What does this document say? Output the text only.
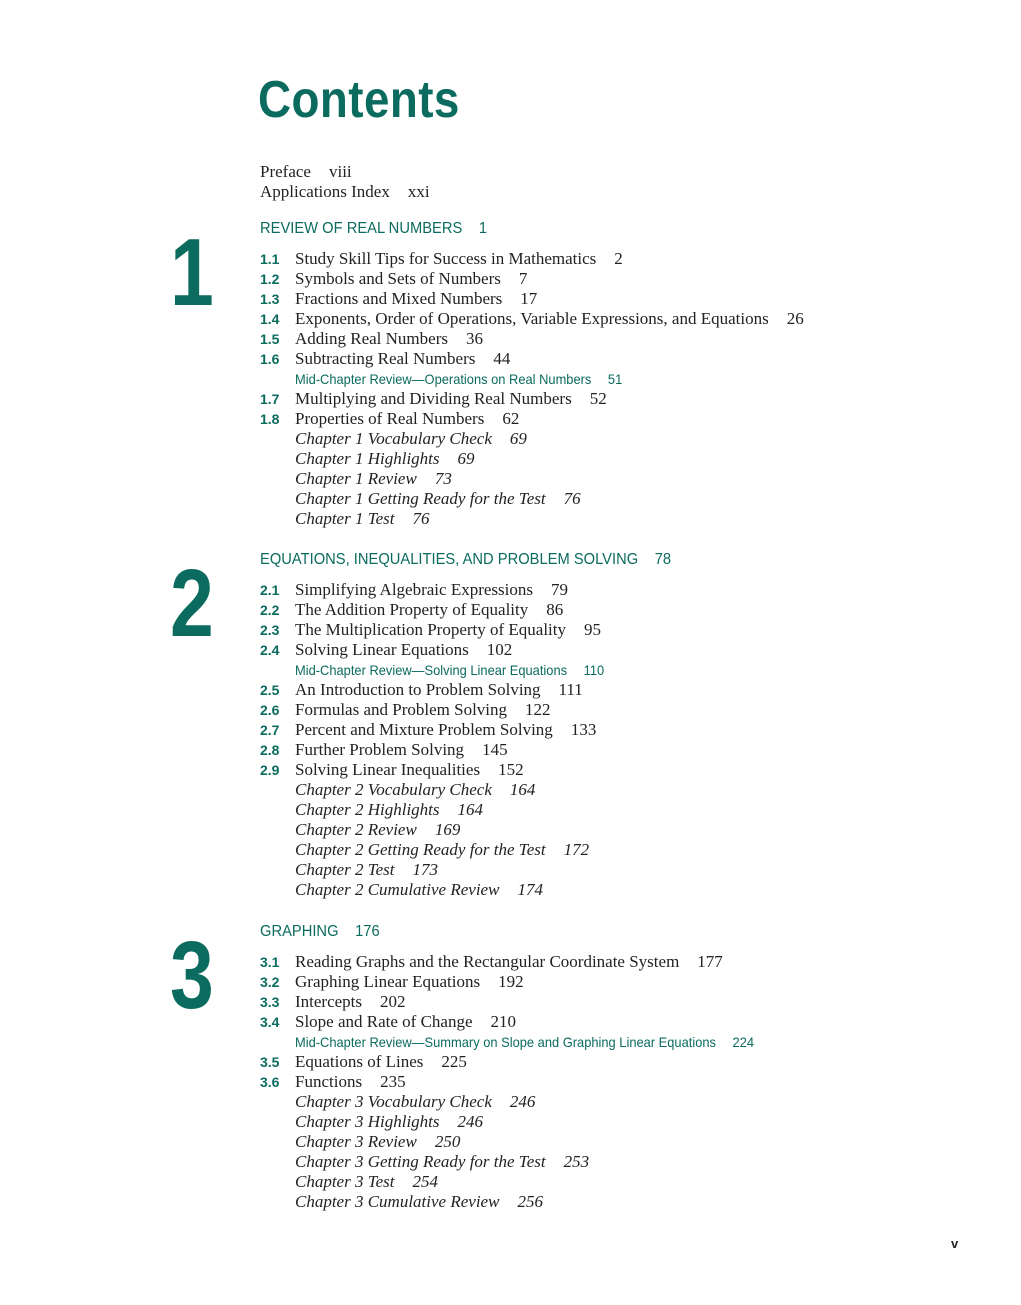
Contents
Preface viii
Applications Index xxi
1	REVIEW OF REAL NUMBERS 1
1.1 Study Skill Tips for Success in Mathematics 2
1.2 Symbols and Sets of Numbers 7
1.3 Fractions and Mixed Numbers 17
1.4 Exponents, Order of Operations, Variable Expressions, and Equations 26
1.5 Adding Real Numbers 36
1.6 Subtracting Real Numbers 44
Mid-Chapter Review—Operations on Real Numbers 51
1.7 Multiplying and Dividing Real Numbers 52
1.8 Properties of Real Numbers 62
Chapter 1 Vocabulary Check 69
Chapter 1 Highlights 69
Chapter 1 Review 73
Chapter 1 Getting Ready for the Test 76
Chapter 1 Test 76
2	EQUATIONS, INEQUALITIES, AND PROBLEM SOLVING 78
2.1 Simplifying Algebraic Expressions 79
2.2 The Addition Property of Equality 86
2.3 The Multiplication Property of Equality 95
2.4 Solving Linear Equations 102
Mid-Chapter Review—Solving Linear Equations 110
2.5 An Introduction to Problem Solving 111
2.6 Formulas and Problem Solving 122
2.7 Percent and Mixture Problem Solving 133
2.8 Further Problem Solving 145
2.9 Solving Linear Inequalities 152
Chapter 2 Vocabulary Check 164
Chapter 2 Highlights 164
Chapter 2 Review 169
Chapter 2 Getting Ready for the Test 172
Chapter 2 Test 173
Chapter 2 Cumulative Review 174
3	GRAPHING 176
3.1 Reading Graphs and the Rectangular Coordinate System 177
3.2 Graphing Linear Equations 192
3.3 Intercepts 202
3.4 Slope and Rate of Change 210
Mid-Chapter Review—Summary on Slope and Graphing Linear Equations 224
3.5 Equations of Lines 225
3.6 Functions 235
Chapter 3 Vocabulary Check 246
Chapter 3 Highlights 246
Chapter 3 Review 250
Chapter 3 Getting Ready for the Test 253
Chapter 3 Test 254
Chapter 3 Cumulative Review 256
v
